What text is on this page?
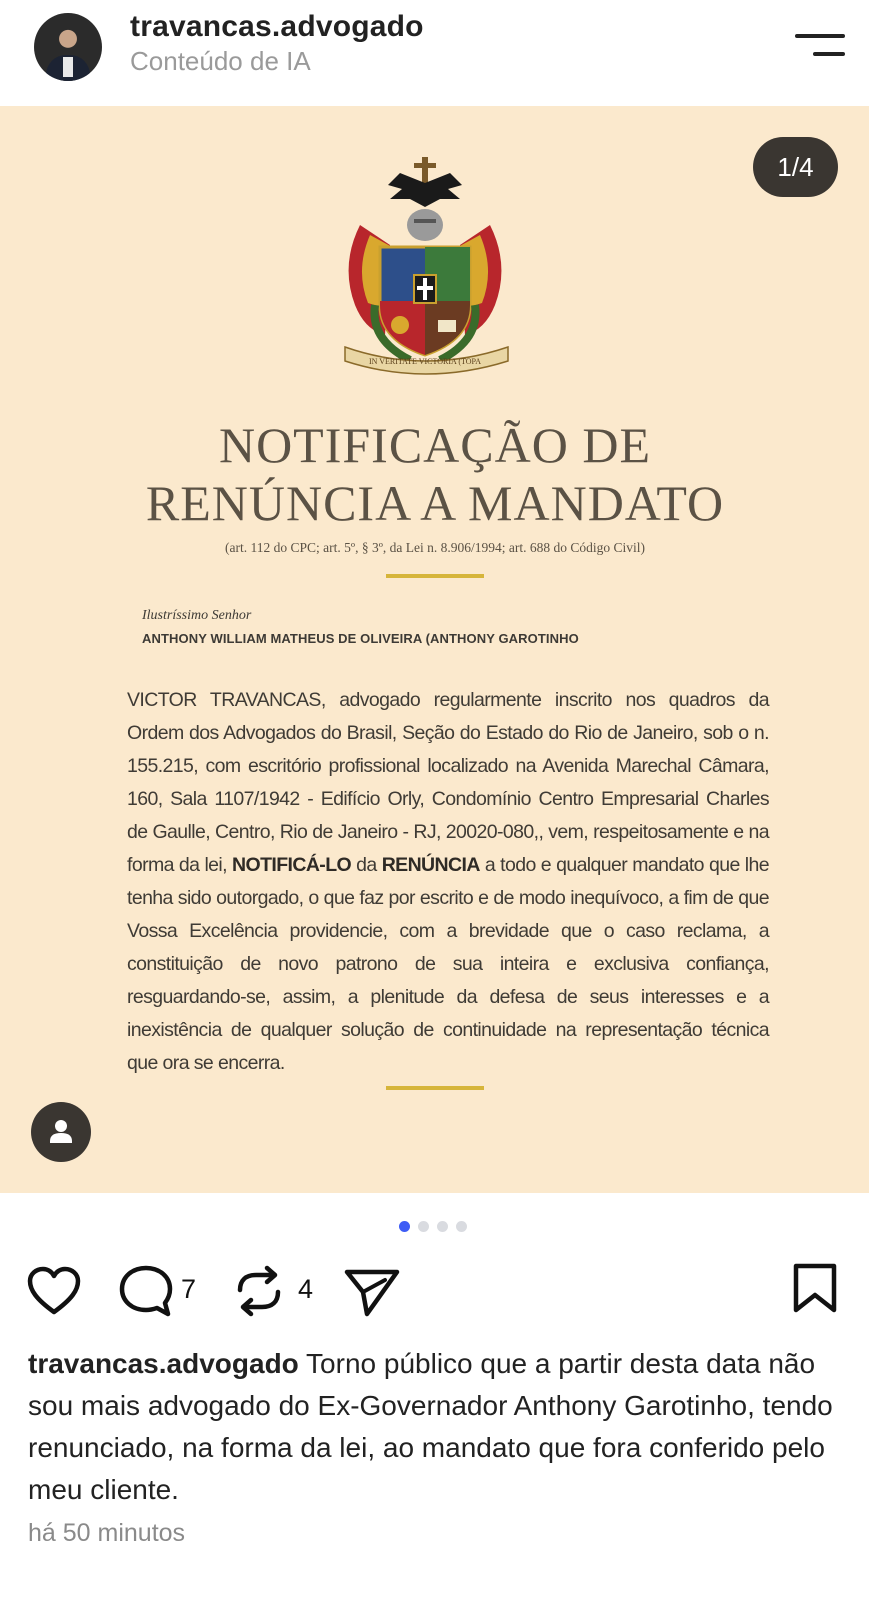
travancas.advogado
Conteúdo de IA
1/4
IN VERITATE VICTORIA (TOPA
NOTIFICAÇÃO DE
RENÚNCIA A MANDATO
(art. 112 do CPC; art. 5º, § 3º, da Lei n. 8.906/1994; art. 688 do Código Civil)
Ilustríssimo Senhor
ANTHONY WILLIAM MATHEUS DE OLIVEIRA (ANTHONY GAROTINHO
VICTOR TRAVANCAS, advogado regularmente inscrito nos quadros da Ordem dos Advogados do Brasil, Seção do Estado do Rio de Janeiro, sob o n. 155.215, com escritório profissional localizado na Avenida Marechal Câmara, 160, Sala 1107/1942 - Edifício Orly, Condomínio Centro Empresarial Charles de Gaulle, Centro, Rio de Janeiro - RJ, 20020-080,, vem, respeitosamente e na forma da lei, NOTIFICÁ-LO da RENÚNCIA a todo e qualquer mandato que lhe tenha sido outorgado, o que faz por escrito e de modo inequívoco, a fim de que Vossa Excelência providencie, com a brevidade que o caso reclama, a constituição de novo patrono de sua inteira e exclusiva confiança, resguardando-se, assim, a plenitude da defesa de seus interesses e a inexistência de qualquer solução de continuidade na representação técnica que ora se encerra.
7	4
travancas.advogado Torno público que a partir desta data não sou mais advogado do Ex-Governador Anthony Garotinho, tendo renunciado, na forma da lei, ao mandato que fora conferido pelo meu cliente.
há 50 minutos
